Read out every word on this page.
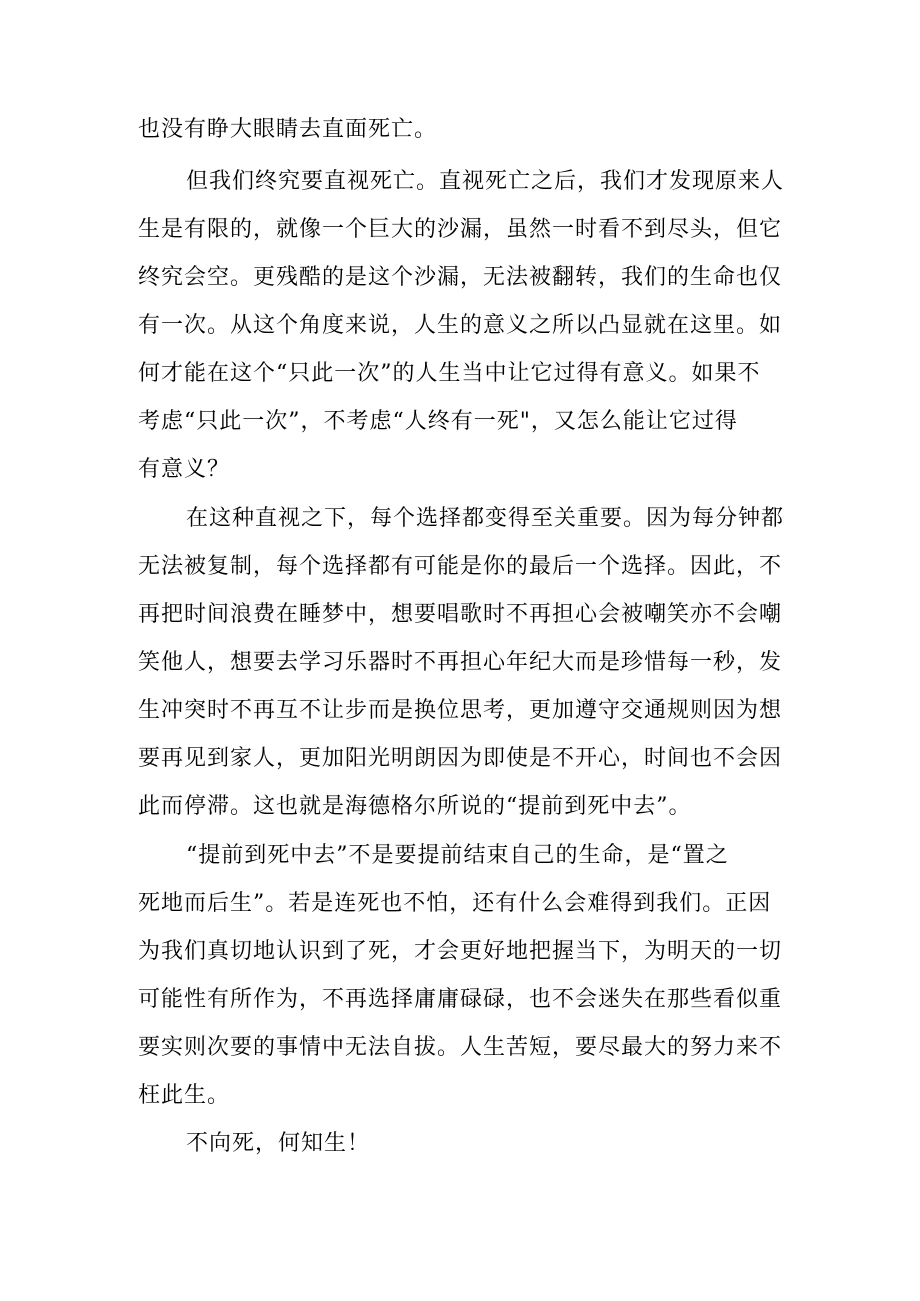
也没有睁大眼睛去直面死亡。
但我们终究要直视死亡。直视死亡之后，我们才发现原来人
生是有限的，就像一个巨大的沙漏，虽然一时看不到尽头，但它
终究会空。更残酷的是这个沙漏，无法被翻转，我们的生命也仅
有一次。从这个角度来说，人生的意义之所以凸显就在这里。如
何才能在这个“只此一次”的人生当中让它过得有意义。如果不
考虑“只此一次”，不考虑“人终有一死"，又怎么能让它过得
有意义？
在这种直视之下，每个选择都变得至关重要。因为每分钟都
无法被复制，每个选择都有可能是你的最后一个选择。因此，不
再把时间浪费在睡梦中，想要唱歌时不再担心会被嘲笑亦不会嘲
笑他人，想要去学习乐器时不再担心年纪大而是珍惜每一秒，发
生冲突时不再互不让步而是换位思考，更加遵守交通规则因为想
要再见到家人，更加阳光明朗因为即使是不开心，时间也不会因
此而停滞。这也就是海德格尔所说的“提前到死中去”。
“提前到死中去”不是要提前结束自己的生命，是“置之
死地而后生”。若是连死也不怕，还有什么会难得到我们。正因
为我们真切地认识到了死，才会更好地把握当下，为明天的一切
可能性有所作为，不再选择庸庸碌碌，也不会迷失在那些看似重
要实则次要的事情中无法自拔。人生苦短，要尽最大的努力来不
枉此生。
不向死，何知生！
